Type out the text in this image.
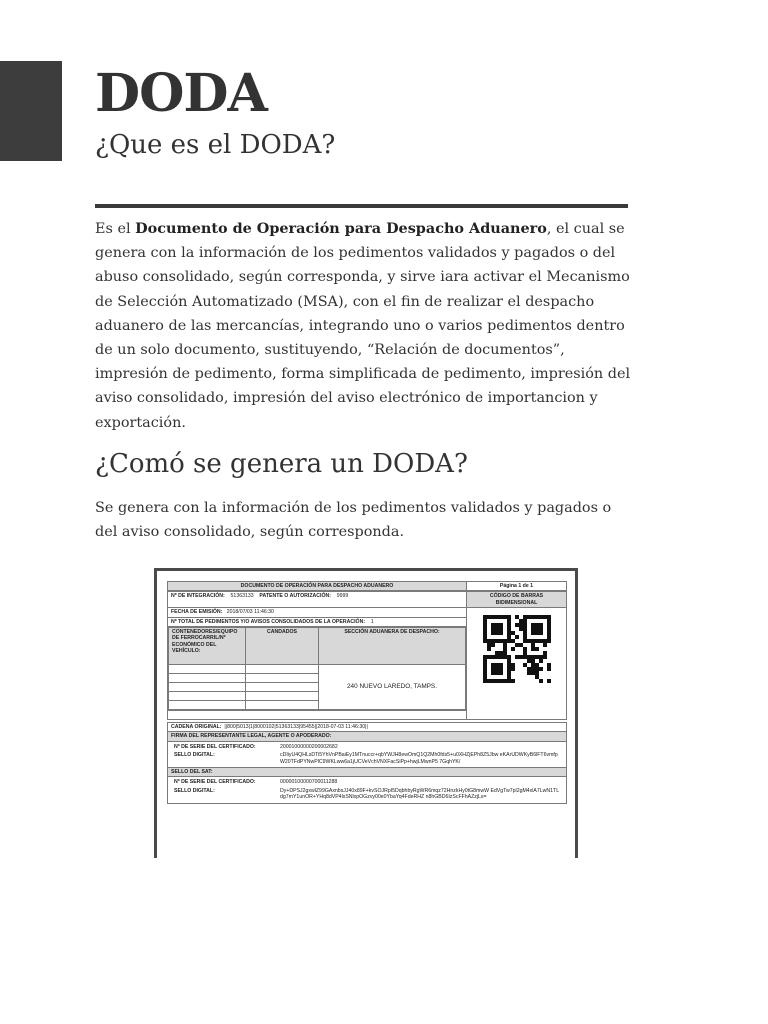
DODA
¿Que es el DODA?

Es el Documento de Operación para Despacho Aduanero, el cual se genera con la información de los pedimentos validados y pagados o del abuso consolidado, según corresponda, y sirve iara activar el Mecanismo de Selección Automatizado (MSA), con el fin de realizar el despacho aduanero de las mercancías, integrando uno o varios pedimentos dentro de un solo documento, sustituyendo, “Relación de documentos”, impresión de pedimento, forma simplificada de pedimento, impresión del aviso consolidado, impresión del aviso electrónico de importancion y exportación.

¿Comó se genera un DODA?

Se genera con la información de los pedimentos validados y pagados o del aviso consolidado, según corresponda.

DOCUMENTO DE OPERACIÓN PARA DESPACHO ADUANERO	Página 1 de 1
Nº DE INTEGRACIÓN: 51363133 PATENTE O AUTORIZACIÓN: 9999	CÓDIGO DE BARRAS BIDIMENSIONAL
FECHA DE EMISIÓN: 2018/07/03 11:46:30	

Nº TOTAL DE PEDIMENTOS Y/O AVISOS CONSOLIDADOS DE LA OPERACIÓN: 1

CONTENEDORES/EQUIPO DE FERROCARRIL/Nº ECONÓMICO DEL VEHÍCULO:	CANDADOS	SECCIÓN ADUANERA DE DESPACHO:
		240 NUEVO LAREDO, TAMPS.

CADENA ORIGINAL: ||800|5013|1|8000102|51363133|95455||2018-07-03 11:46:30||
FIRMA DEL REPRESENTANTE LEGAL, AGENTE O APODERADO:

Nº DE SERIE DEL CERTIFICADO:	20001000000200002682
SELLO DIGITAL:	cDIiyU4QHLsDTi5YhVnPBaiEy1MTnuccr+qbYWJH8ewOmQ1Q2Mh0fds5+u0XHZjEPh8Z5Jbw eKArUDWKyB6lFT6vmfpW20TFdPYNwPlC9WKLww6a1jUCVeVchVNXFacSiPp+hwjLMwnP5 7GqhYK/

SELLO DEL SAT:

Nº DE SERIE DEL CERTIFICADO:	00000100000700011288
SELLO DIGITAL:	Dy+DPSJ2gxwlZ99GAxnbsJJ40x89F+kvSOJRpI5DqbhbyRgWR6mqz72HnzkHy0tG8mwW EdVgTw7pl2gM4xlA7LwN1TLdg7mY1unOR+YHq8dVP4lsSNlxpOGzvy00e0YbaYq4FdeRHZ n8hGBD6IzScFFhAZzjLs=
